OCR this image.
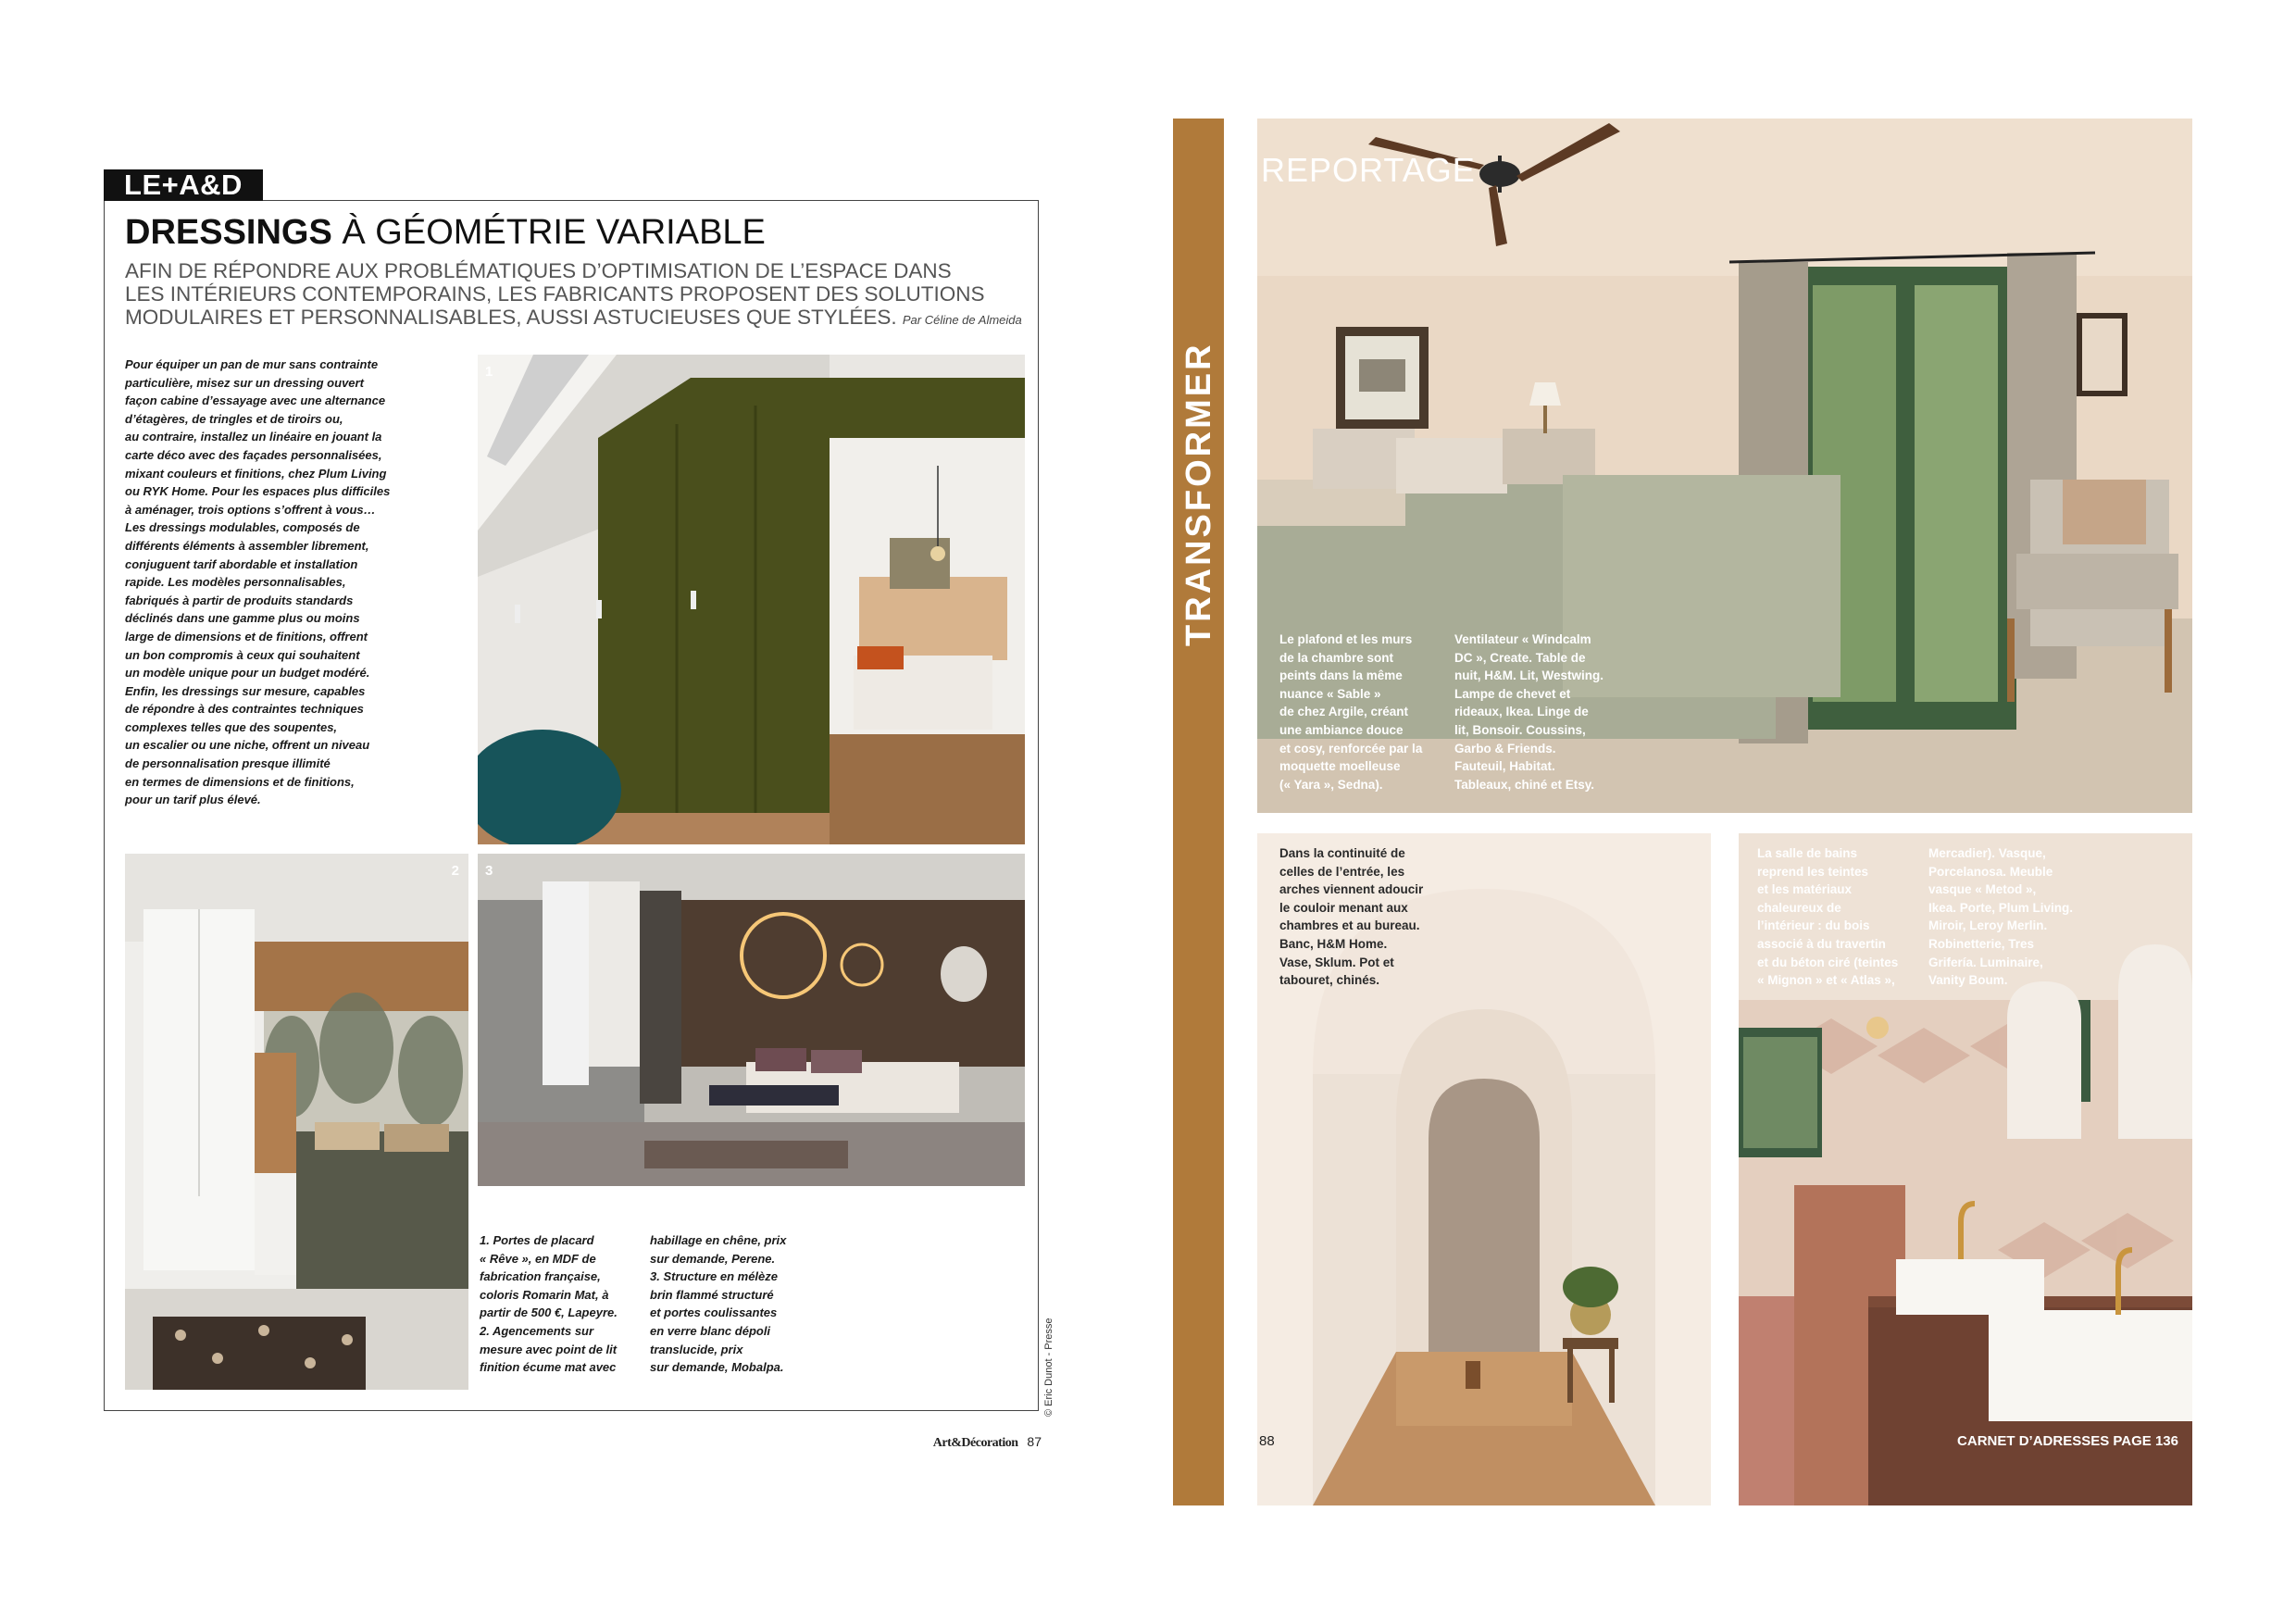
LE+A&D
DRESSINGS À GÉOMÉTRIE VARIABLE
AFIN DE RÉPONDRE AUX PROBLÉMATIQUES D’OPTIMISATION DE L’ESPACE DANS
LES INTÉRIEURS CONTEMPORAINS, LES FABRICANTS PROPOSENT DES SOLUTIONS
MODULAIRES ET PERSONNALISABLES, AUSSI ASTUCIEUSES QUE STYLÉES. Par Céline de Almeida
Pour équiper un pan de mur sans contrainte
particulière, misez sur un dressing ouvert
façon cabine d’essayage avec une alternance
d’étagères, de tringles et de tiroirs ou,
au contraire, installez un linéaire en jouant la
carte déco avec des façades personnalisées,
mixant couleurs et finitions, chez Plum Living
ou RYK Home. Pour les espaces plus difficiles
à aménager, trois options s’offrent à vous…
Les dressings modulables, composés de
différents éléments à assembler librement,
conjuguent tarif abordable et installation
rapide. Les modèles personnalisables,
fabriqués à partir de produits standards
déclinés dans une gamme plus ou moins
large de dimensions et de finitions, offrent
un bon compromis à ceux qui souhaitent
un modèle unique pour un budget modéré.
Enfin, les dressings sur mesure, capables
de répondre à des contraintes techniques
complexes telles que des soupentes,
un escalier ou une niche, offrent un niveau
de personnalisation presque illimité
en termes de dimensions et de finitions,
pour un tarif plus élevé.
1
2 3
1. Portes de placard
« Rêve », en MDF de
fabrication française,
coloris Romarin Mat, à
partir de 500 €, Lapeyre.
2. Agencements sur
mesure avec point de lit
finition écume mat avec
habillage en chêne, prix
sur demande, Perene.
3. Structure en mélèze
brin flammé structuré
et portes coulissantes
en verre blanc dépoli
translucide, prix
sur demande, Mobalpa.	© Eric Dunot - Presse
Art&Décoration 87
TRANSFORMER
REPORTAGE
Le plafond et les murs
de la chambre sont
peints dans la même
nuance « Sable »
de chez Argile, créant
une ambiance douce
et cosy, renforcée par la
moquette moelleuse
(« Yara », Sedna).
Ventilateur « Windcalm
DC », Create. Table de
nuit, H&M. Lit, Westwing.
Lampe de chevet et
rideaux, Ikea. Linge de
lit, Bonsoir. Coussins,
Garbo & Friends.
Fauteuil, Habitat.
Tableaux, chiné et Etsy.
Dans la continuité de
celles de l’entrée, les
arches viennent adoucir
le couloir menant aux
chambres et au bureau.
Banc, H&M Home.
Vase, Sklum. Pot et
tabouret, chinés.
88
La salle de bains
reprend les teintes
et les matériaux
chaleureux de
l’intérieur : du bois
associé à du travertin
et du béton ciré (teintes
« Mignon » et « Atlas »,
Mercadier). Vasque,
Porcelanosa. Meuble
vasque « Metod »,
Ikea. Porte, Plum Living.
Miroir, Leroy Merlin.
Robinetterie, Tres
Grifería. Luminaire,
Vanity Boum.
CARNET D’ADRESSES PAGE 136
